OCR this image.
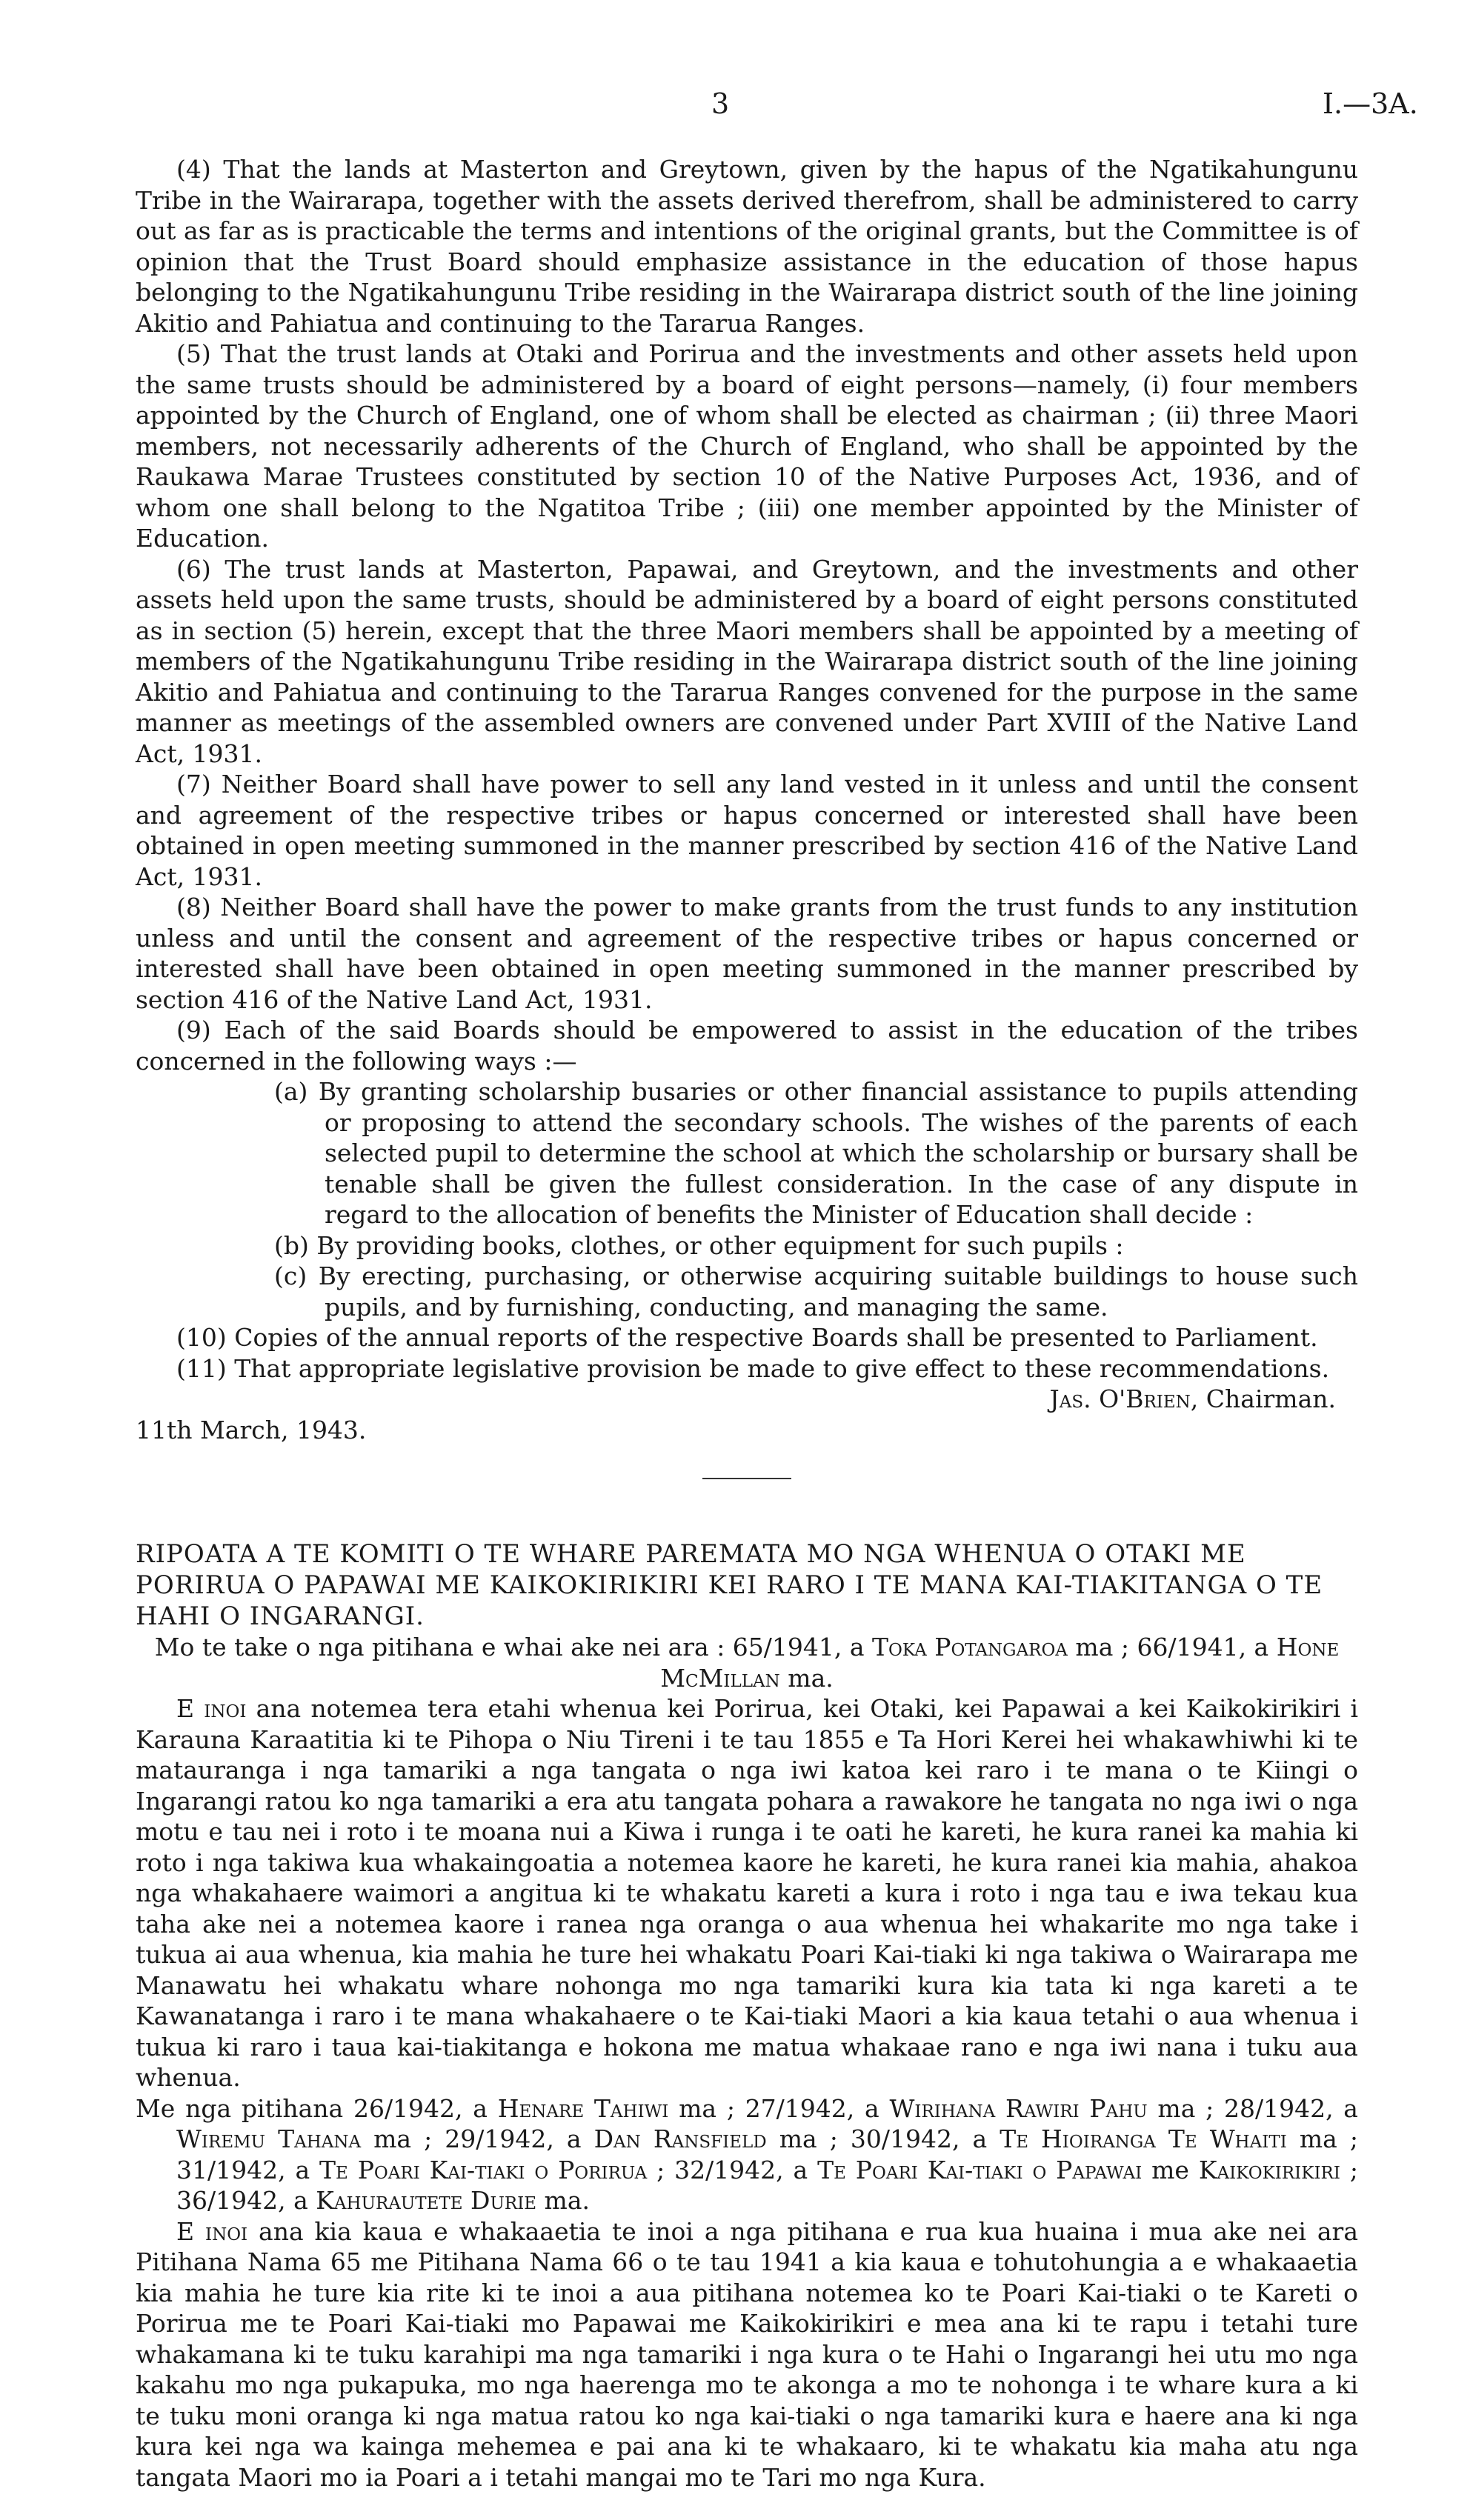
3	I.—3A.

(4) That the lands at Masterton and Greytown, given by the hapus of the Ngatikahungunu Tribe in the Wairarapa, together with the assets derived therefrom, shall be administered to carry out as far as is practicable the terms and intentions of the original grants, but the Committee is of opinion that the Trust Board should emphasize assistance in the education of those hapus belonging to the Ngatikahungunu Tribe residing in the Wairarapa district south of the line joining Akitio and Pahiatua and continuing to the Tararua Ranges.

(5) That the trust lands at Otaki and Porirua and the investments and other assets held upon the same trusts should be administered by a board of eight persons—namely, (i) four members appointed by the Church of England, one of whom shall be elected as chairman ; (ii) three Maori members, not necessarily adherents of the Church of England, who shall be appointed by the Raukawa Marae Trustees constituted by section 10 of the Native Purposes Act, 1936, and of whom one shall belong to the Ngatitoa Tribe ; (iii) one member appointed by the Minister of Education.

(6) The trust lands at Masterton, Papawai, and Greytown, and the investments and other assets held upon the same trusts, should be administered by a board of eight persons constituted as in section (5) herein, except that the three Maori members shall be appointed by a meeting of members of the Ngatikahungunu Tribe residing in the Wairarapa district south of the line joining Akitio and Pahiatua and continuing to the Tararua Ranges convened for the purpose in the same manner as meetings of the assembled owners are convened under Part XVIII of the Native Land Act, 1931.

(7) Neither Board shall have power to sell any land vested in it unless and until the consent and agreement of the respective tribes or hapus concerned or interested shall have been obtained in open meeting summoned in the manner prescribed by section 416 of the Native Land Act, 1931.

(8) Neither Board shall have the power to make grants from the trust funds to any institution unless and until the consent and agreement of the respective tribes or hapus concerned or interested shall have been obtained in open meeting summoned in the manner prescribed by section 416 of the Native Land Act, 1931.

(9) Each of the said Boards should be empowered to assist in the education of the tribes concerned in the following ways :—

(a) By granting scholarship busaries or other financial assistance to pupils attending or proposing to attend the secondary schools. The wishes of the parents of each selected pupil to determine the school at which the scholarship or bursary shall be tenable shall be given the fullest consideration. In the case of any dispute in regard to the allocation of benefits the Minister of Education shall decide :

(b) By providing books, clothes, or other equipment for such pupils :

(c) By erecting, purchasing, or otherwise acquiring suitable buildings to house such pupils, and by furnishing, conducting, and managing the same.

(10) Copies of the annual reports of the respective Boards shall be presented to Parliament.

(11) That appropriate legislative provision be made to give effect to these recommendations.

Jas. O'Brien, Chairman.

11th March, 1943.

RIPOATA A TE KOMITI O TE WHARE PAREMATA MO NGA WHENUA O OTAKI ME PORIRUA O PAPAWAI ME KAIKOKIRIKIRI KEI RARO I TE MANA KAI-TIAKITANGA O TE HAHI O INGARANGI.

Mo te take o nga pitihana e whai ake nei ara : 65/1941, a Toka Potangaroa ma ; 66/1941, a Hone McMillan ma.

E inoi ana notemea tera etahi whenua kei Porirua, kei Otaki, kei Papawai a kei Kaikokirikiri i Karauna Karaatitia ki te Pihopa o Niu Tireni i te tau 1855 e Ta Hori Kerei hei whakawhiwhi ki te matauranga i nga tamariki a nga tangata o nga iwi katoa kei raro i te mana o te Kiingi o Ingarangi ratou ko nga tamariki a era atu tangata pohara a rawakore he tangata no nga iwi o nga motu e tau nei i roto i te moana nui a Kiwa i runga i te oati he kareti, he kura ranei ka mahia ki roto i nga takiwa kua whakaingoatia a notemea kaore he kareti, he kura ranei kia mahia, ahakoa nga whakahaere waimori a angitua ki te whakatu kareti a kura i roto i nga tau e iwa tekau kua taha ake nei a notemea kaore i ranea nga oranga o aua whenua hei whakarite mo nga take i tukua ai aua whenua, kia mahia he ture hei whakatu Poari Kai-tiaki ki nga takiwa o Wairarapa me Manawatu hei whakatu whare nohonga mo nga tamariki kura kia tata ki nga kareti a te Kawanatanga i raro i te mana whakahaere o te Kai-tiaki Maori a kia kaua tetahi o aua whenua i tukua ki raro i taua kai-tiakitanga e hokona me matua whakaae rano e nga iwi nana i tuku aua whenua.

Me nga pitihana 26/1942, a Henare Tahiwi ma ; 27/1942, a Wirihana Rawiri Pahu ma ; 28/1942, a Wiremu Tahana ma ; 29/1942, a Dan Ransfield ma ; 30/1942, a Te Hioiranga Te Whaiti ma ; 31/1942, a Te Poari Kai-tiaki o Porirua ; 32/1942, a Te Poari Kai-tiaki o Papawai me Kaikokirikiri ; 36/1942, a Kahurautete Durie ma.

E inoi ana kia kaua e whakaaetia te inoi a nga pitihana e rua kua huaina i mua ake nei ara Pitihana Nama 65 me Pitihana Nama 66 o te tau 1941 a kia kaua e tohutohungia a e whakaaetia kia mahia he ture kia rite ki te inoi a aua pitihana notemea ko te Poari Kai-tiaki o te Kareti o Porirua me te Poari Kai-tiaki mo Papawai me Kaikokirikiri e mea ana ki te rapu i tetahi ture whakamana ki te tuku karahipi ma nga tamariki i nga kura o te Hahi o Ingarangi hei utu mo nga kakahu mo nga pukapuka, mo nga haerenga mo te akonga a mo te nohonga i te whare kura a ki te tuku moni oranga ki nga matua ratou ko nga kai-tiaki o nga tamariki kura e haere ana ki nga kura kei nga wa kainga mehemea e pai ana ki te whakaaro, ki te whakatu kia maha atu nga tangata Maori mo ia Poari a i tetahi mangai mo te Tari mo nga Kura.
